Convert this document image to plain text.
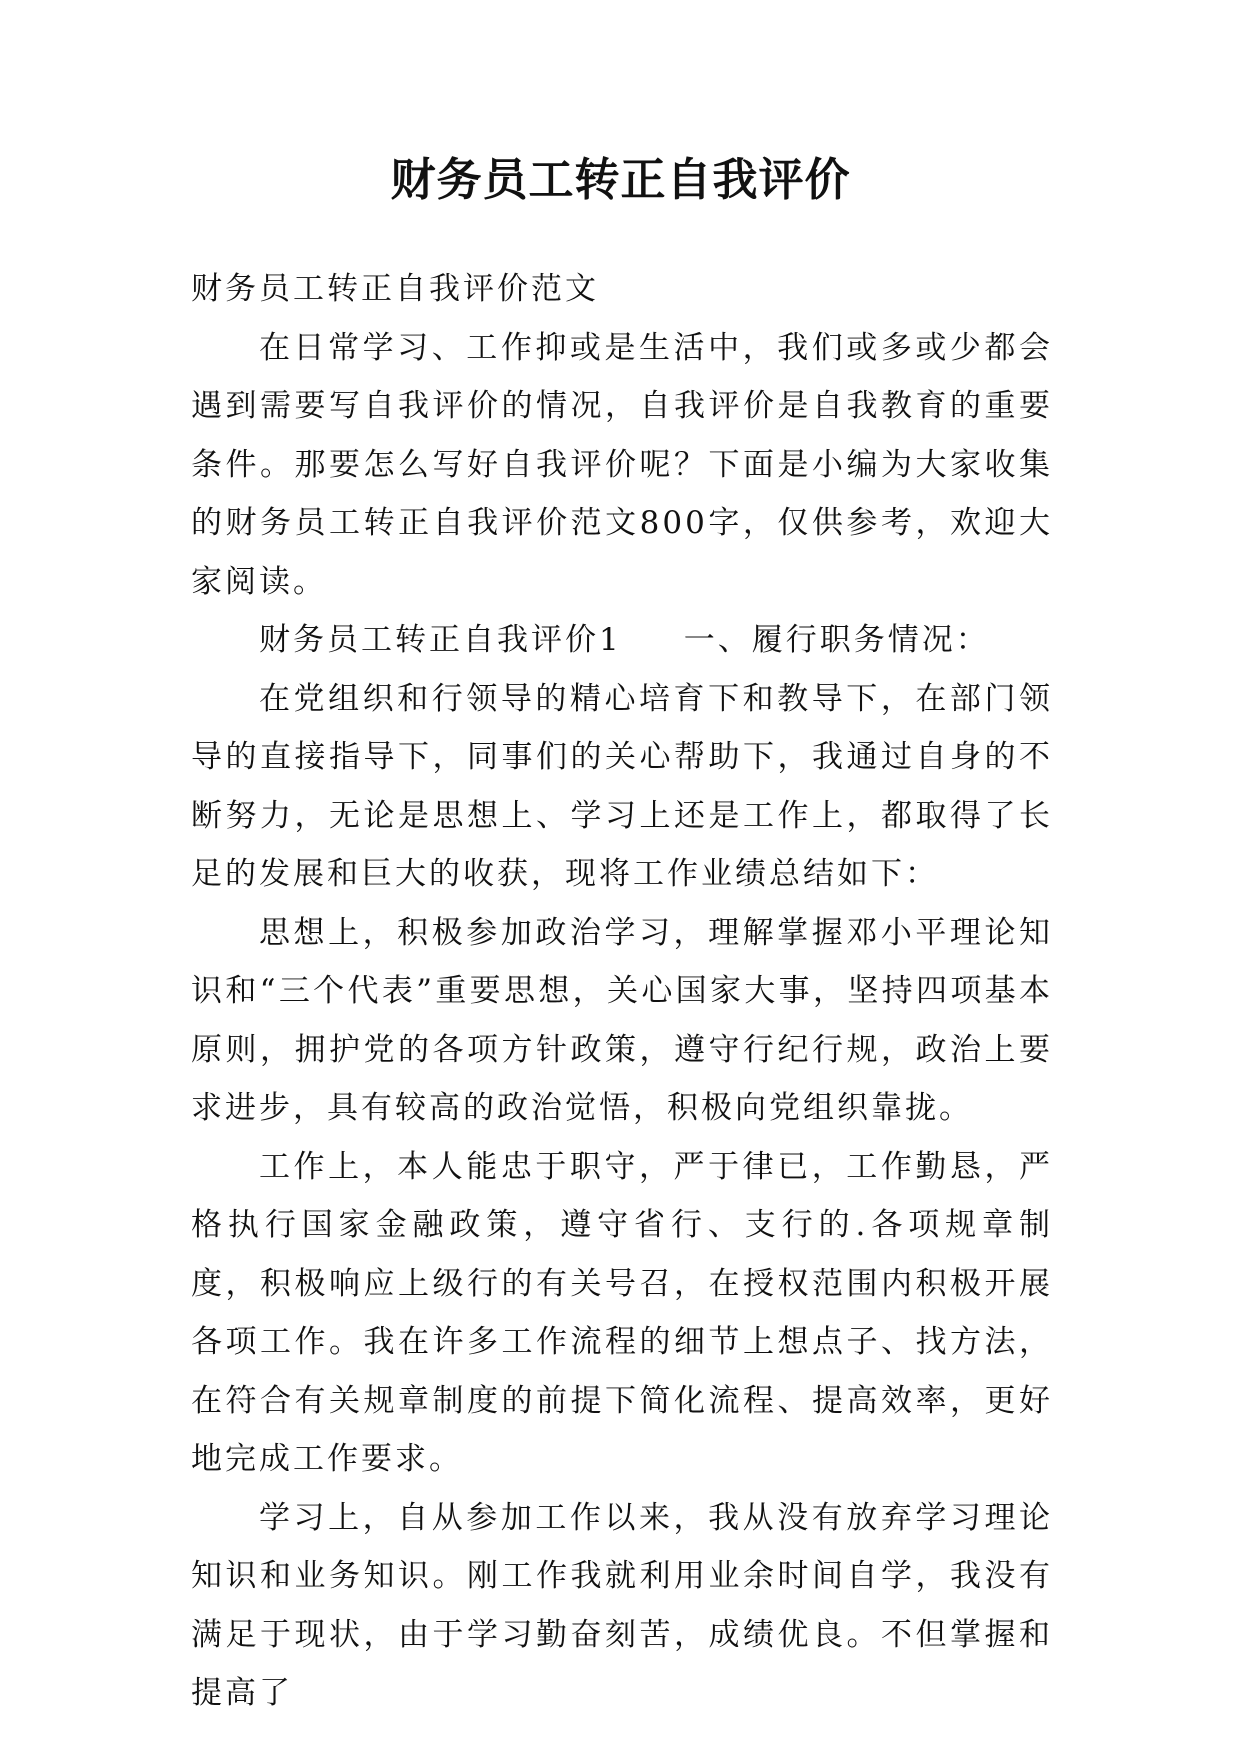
财务员工转正自我评价

财务员工转正自我评价范文

在日常学习、工作抑或是生活中，我们或多或少都会遇到需要写自我评价的情况，自我评价是自我教育的重要条件。那要怎么写好自我评价呢？下面是小编为大家收集的财务员工转正自我评价范文800字，仅供参考，欢迎大家阅读。

财务员工转正自我评价1 一、履行职务情况：

在党组织和行领导的精心培育下和教导下，在部门领导的直接指导下，同事们的关心帮助下，我通过自身的不断努力，无论是思想上、学习上还是工作上，都取得了长足的发展和巨大的收获，现将工作业绩总结如下：

思想上，积极参加政治学习，理解掌握邓小平理论知识和“三个代表”重要思想，关心国家大事，坚持四项基本原则，拥护党的各项方针政策，遵守行纪行规，政治上要求进步，具有较高的政治觉悟，积极向党组织靠拢。

工作上，本人能忠于职守，严于律已，工作勤恳，严格执行国家金融政策，遵守省行、支行的.各项规章制度，积极响应上级行的有关号召，在授权范围内积极开展各项工作。我在许多工作流程的细节上想点子、找方法，在符合有关规章制度的前提下简化流程、提高效率，更好地完成工作要求。

学习上，自从参加工作以来，我从没有放弃学习理论知识和业务知识。刚工作我就利用业余时间自学，我没有满足于现状，由于学习勤奋刻苦，成绩优良。不但掌握和提高了
